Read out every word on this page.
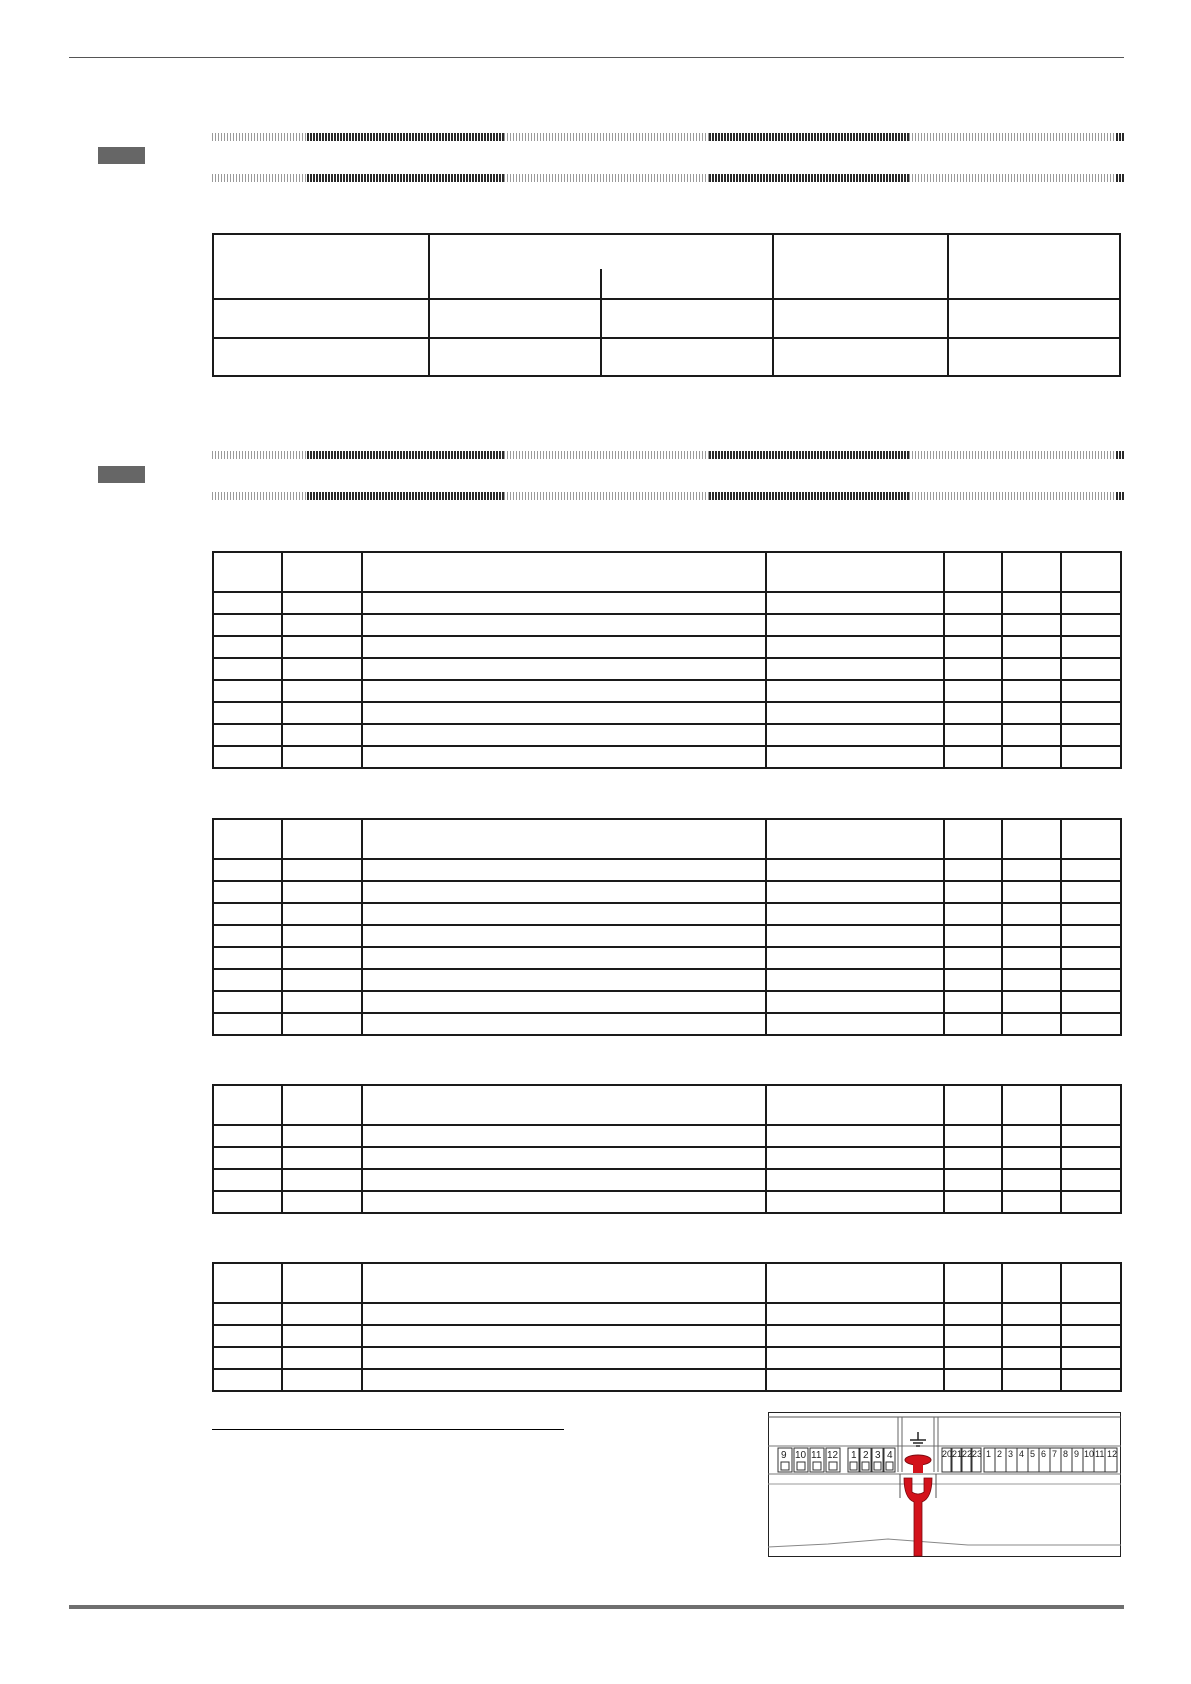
9 10 11 12 1 2 3 4	20 21 22 23 1 2 3 4 5 6 7 8 9 10 11 12
